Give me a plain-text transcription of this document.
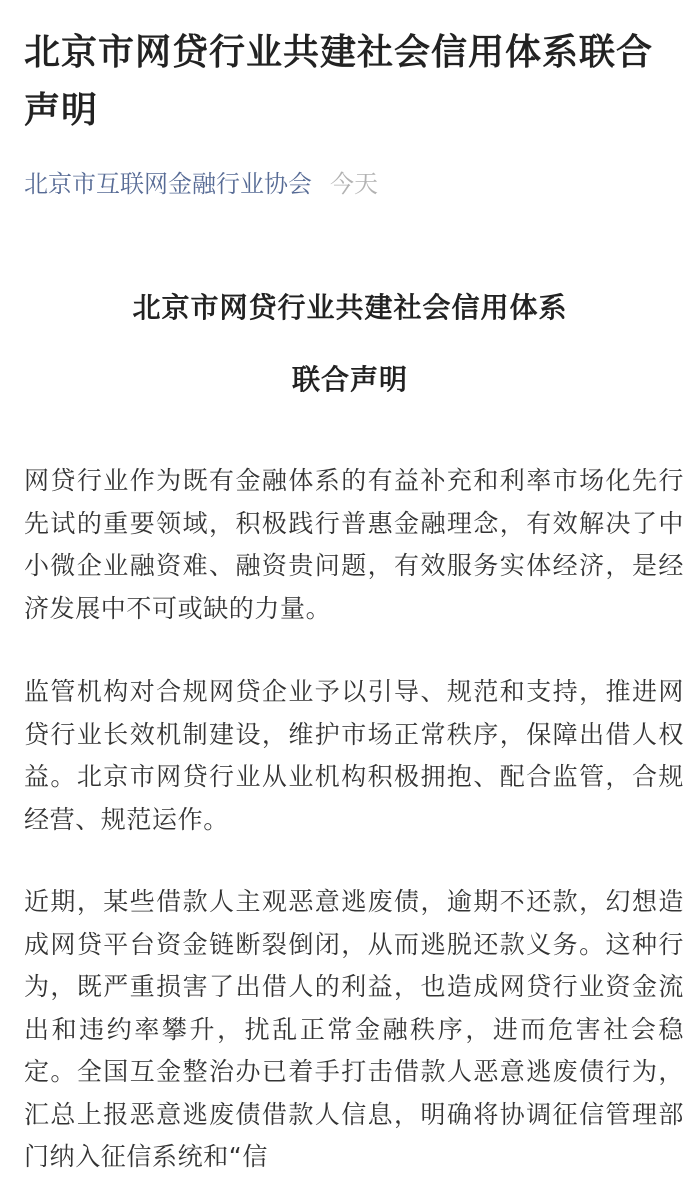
北京市网贷行业共建社会信用体系联合声明
北京市互联网金融行业协会 今天
北京市网贷行业共建社会信用体系
联合声明

网贷行业作为既有金融体系的有益补充和利率市场化先行先试的重要领域，积极践行普惠金融理念，有效解决了中小微企业融资难、融资贵问题，有效服务实体经济，是经济发展中不可或缺的力量。

监管机构对合规网贷企业予以引导、规范和支持，推进网贷行业长效机制建设，维护市场正常秩序，保障出借人权益。北京市网贷行业从业机构积极拥抱、配合监管，合规经营、规范运作。

近期，某些借款人主观恶意逃废债，逾期不还款，幻想造成网贷平台资金链断裂倒闭，从而逃脱还款义务。这种行为，既严重损害了出借人的利益，也造成网贷行业资金流出和违约率攀升，扰乱正常金融秩序，进而危害社会稳定。全国互金整治办已着手打击借款人恶意逃废债行为，汇总上报恶意逃废债借款人信息，明确将协调征信管理部门纳入征信系统和“信
